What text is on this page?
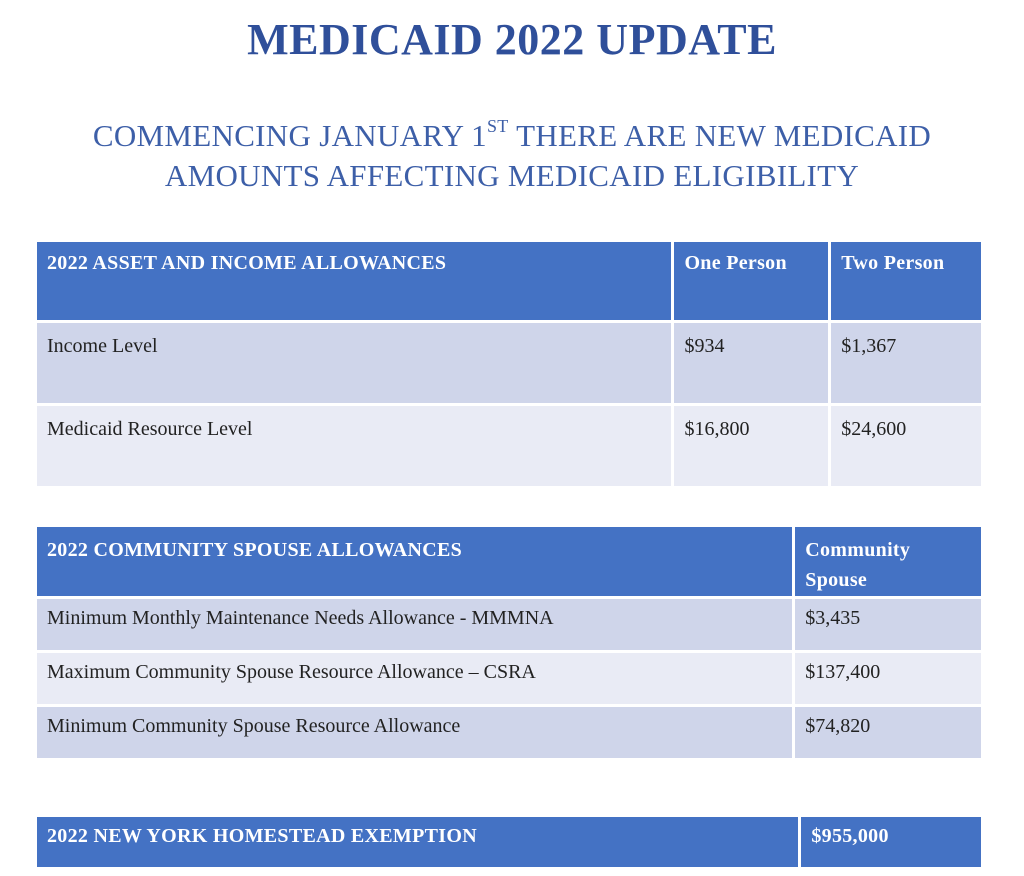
MEDICAID 2022 UPDATE
COMMENCING JANUARY 1ST THERE ARE NEW MEDICAID AMOUNTS AFFECTING MEDICAID ELIGIBILITY
2022 ASSET AND INCOME ALLOWANCES	One Person	Two Person
Income Level	$934	$1,367
Medicaid Resource Level	$16,800	$24,600
2022 COMMUNITY SPOUSE ALLOWANCES	Community Spouse
Minimum Monthly Maintenance Needs Allowance - MMMNA	$3,435
Maximum Community Spouse Resource Allowance – CSRA	$137,400
Minimum Community Spouse Resource Allowance	$74,820
2022 NEW YORK HOMESTEAD EXEMPTION	$955,000
